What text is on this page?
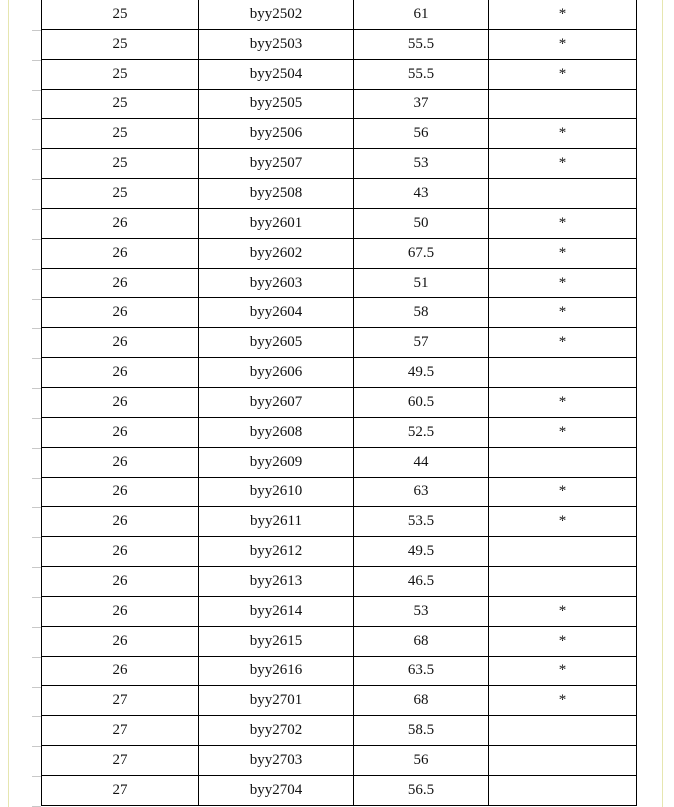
25	byy2502	61	*
25	byy2503	55.5	*
25	byy2504	55.5	*
25	byy2505	37	
25	byy2506	56	*
25	byy2507	53	*
25	byy2508	43	
26	byy2601	50	*
26	byy2602	67.5	*
26	byy2603	51	*
26	byy2604	58	*
26	byy2605	57	*
26	byy2606	49.5	
26	byy2607	60.5	*
26	byy2608	52.5	*
26	byy2609	44	
26	byy2610	63	*
26	byy2611	53.5	*
26	byy2612	49.5	
26	byy2613	46.5	
26	byy2614	53	*
26	byy2615	68	*
26	byy2616	63.5	*
27	byy2701	68	*
27	byy2702	58.5	
27	byy2703	56	
27	byy2704	56.5	
